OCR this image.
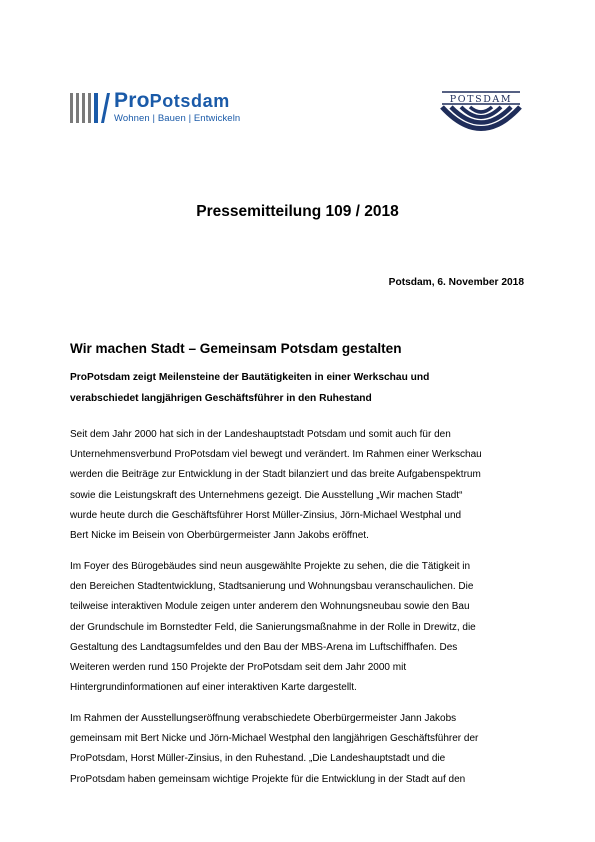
ProPotsdam
Wohnen | Bauen | Entwickeln
POTSDAM
Pressemitteilung 109 / 2018
Potsdam, 6. November 2018
Wir machen Stadt – Gemeinsam Potsdam gestalten
ProPotsdam zeigt Meilensteine der Bautätigkeiten in einer Werkschau und
verabschiedet langjährigen Geschäftsführer in den Ruhestand
Seit dem Jahr 2000 hat sich in der Landeshauptstadt Potsdam und somit auch für den
Unternehmensverbund ProPotsdam viel bewegt und verändert. Im Rahmen einer Werkschau
werden die Beiträge zur Entwicklung in der Stadt bilanziert und das breite Aufgabenspektrum
sowie die Leistungskraft des Unternehmens gezeigt. Die Ausstellung „Wir machen Stadt“
wurde heute durch die Geschäftsführer Horst Müller-Zinsius, Jörn-Michael Westphal und
Bert Nicke im Beisein von Oberbürgermeister Jann Jakobs eröffnet.
Im Foyer des Bürogebäudes sind neun ausgewählte Projekte zu sehen, die die Tätigkeit in
den Bereichen Stadtentwicklung, Stadtsanierung und Wohnungsbau veranschaulichen. Die
teilweise interaktiven Module zeigen unter anderem den Wohnungsneubau sowie den Bau
der Grundschule im Bornstedter Feld, die Sanierungsmaßnahme in der Rolle in Drewitz, die
Gestaltung des Landtagsumfeldes und den Bau der MBS-Arena im Luftschiffhafen. Des
Weiteren werden rund 150 Projekte der ProPotsdam seit dem Jahr 2000 mit
Hintergrundinformationen auf einer interaktiven Karte dargestellt.
Im Rahmen der Ausstellungseröffnung verabschiedete Oberbürgermeister Jann Jakobs
gemeinsam mit Bert Nicke und Jörn-Michael Westphal den langjährigen Geschäftsführer der
ProPotsdam, Horst Müller-Zinsius, in den Ruhestand. „Die Landeshauptstadt und die
ProPotsdam haben gemeinsam wichtige Projekte für die Entwicklung in der Stadt auf den
